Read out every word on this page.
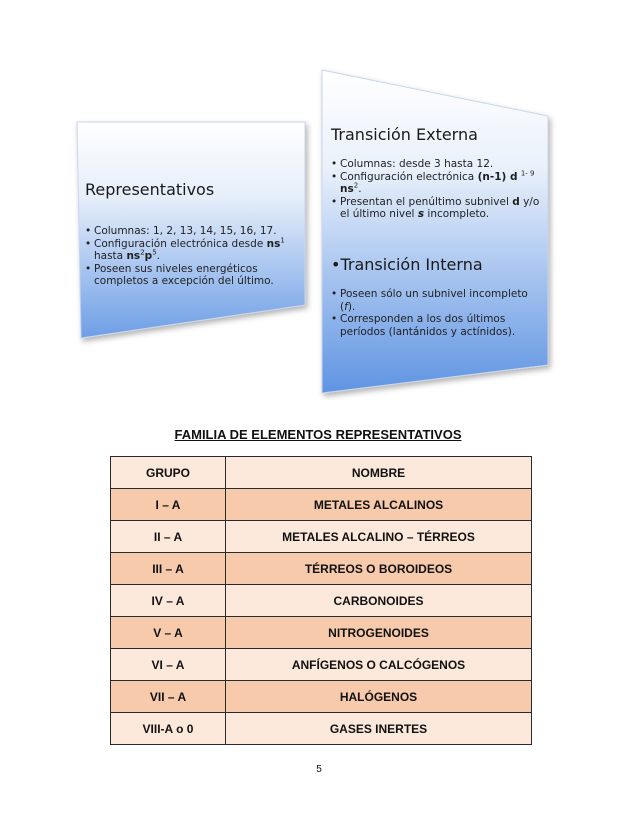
Representativos
• Columnas: 1, 2, 13, 14, 15, 16, 17.
• Configuración electrónica desde $ns^1$ hasta $ns^2p^5$.
• Poseen sus niveles energéticos completos a excepción del último.
Transición Externa
• Columnas: desde 3 hasta 12.
• Configuración electrónica (n-1) d $^{1- 9}$ $ns^2$.
• Presentan el penúltimo subnivel d y/o el último nivel s incompleto.
•Transición Interna
• Poseen sólo un subnivel incompleto (f).
• Corresponden a los dos últimos períodos (lantánidos y actínidos).
FAMILIA DE ELEMENTOS REPRESENTATIVOS
GRUPO	NOMBRE
I – A	METALES ALCALINOS
II – A	METALES ALCALINO – TÉRREOS
III – A	TÉRREOS O BOROIDEOS
IV – A	CARBONOIDES
V – A	NITROGENOIDES
VI – A	ANFÍGENOS O CALCÓGENOS
VII – A	HALÓGENOS
VIII-A o 0	GASES INERTES
5
